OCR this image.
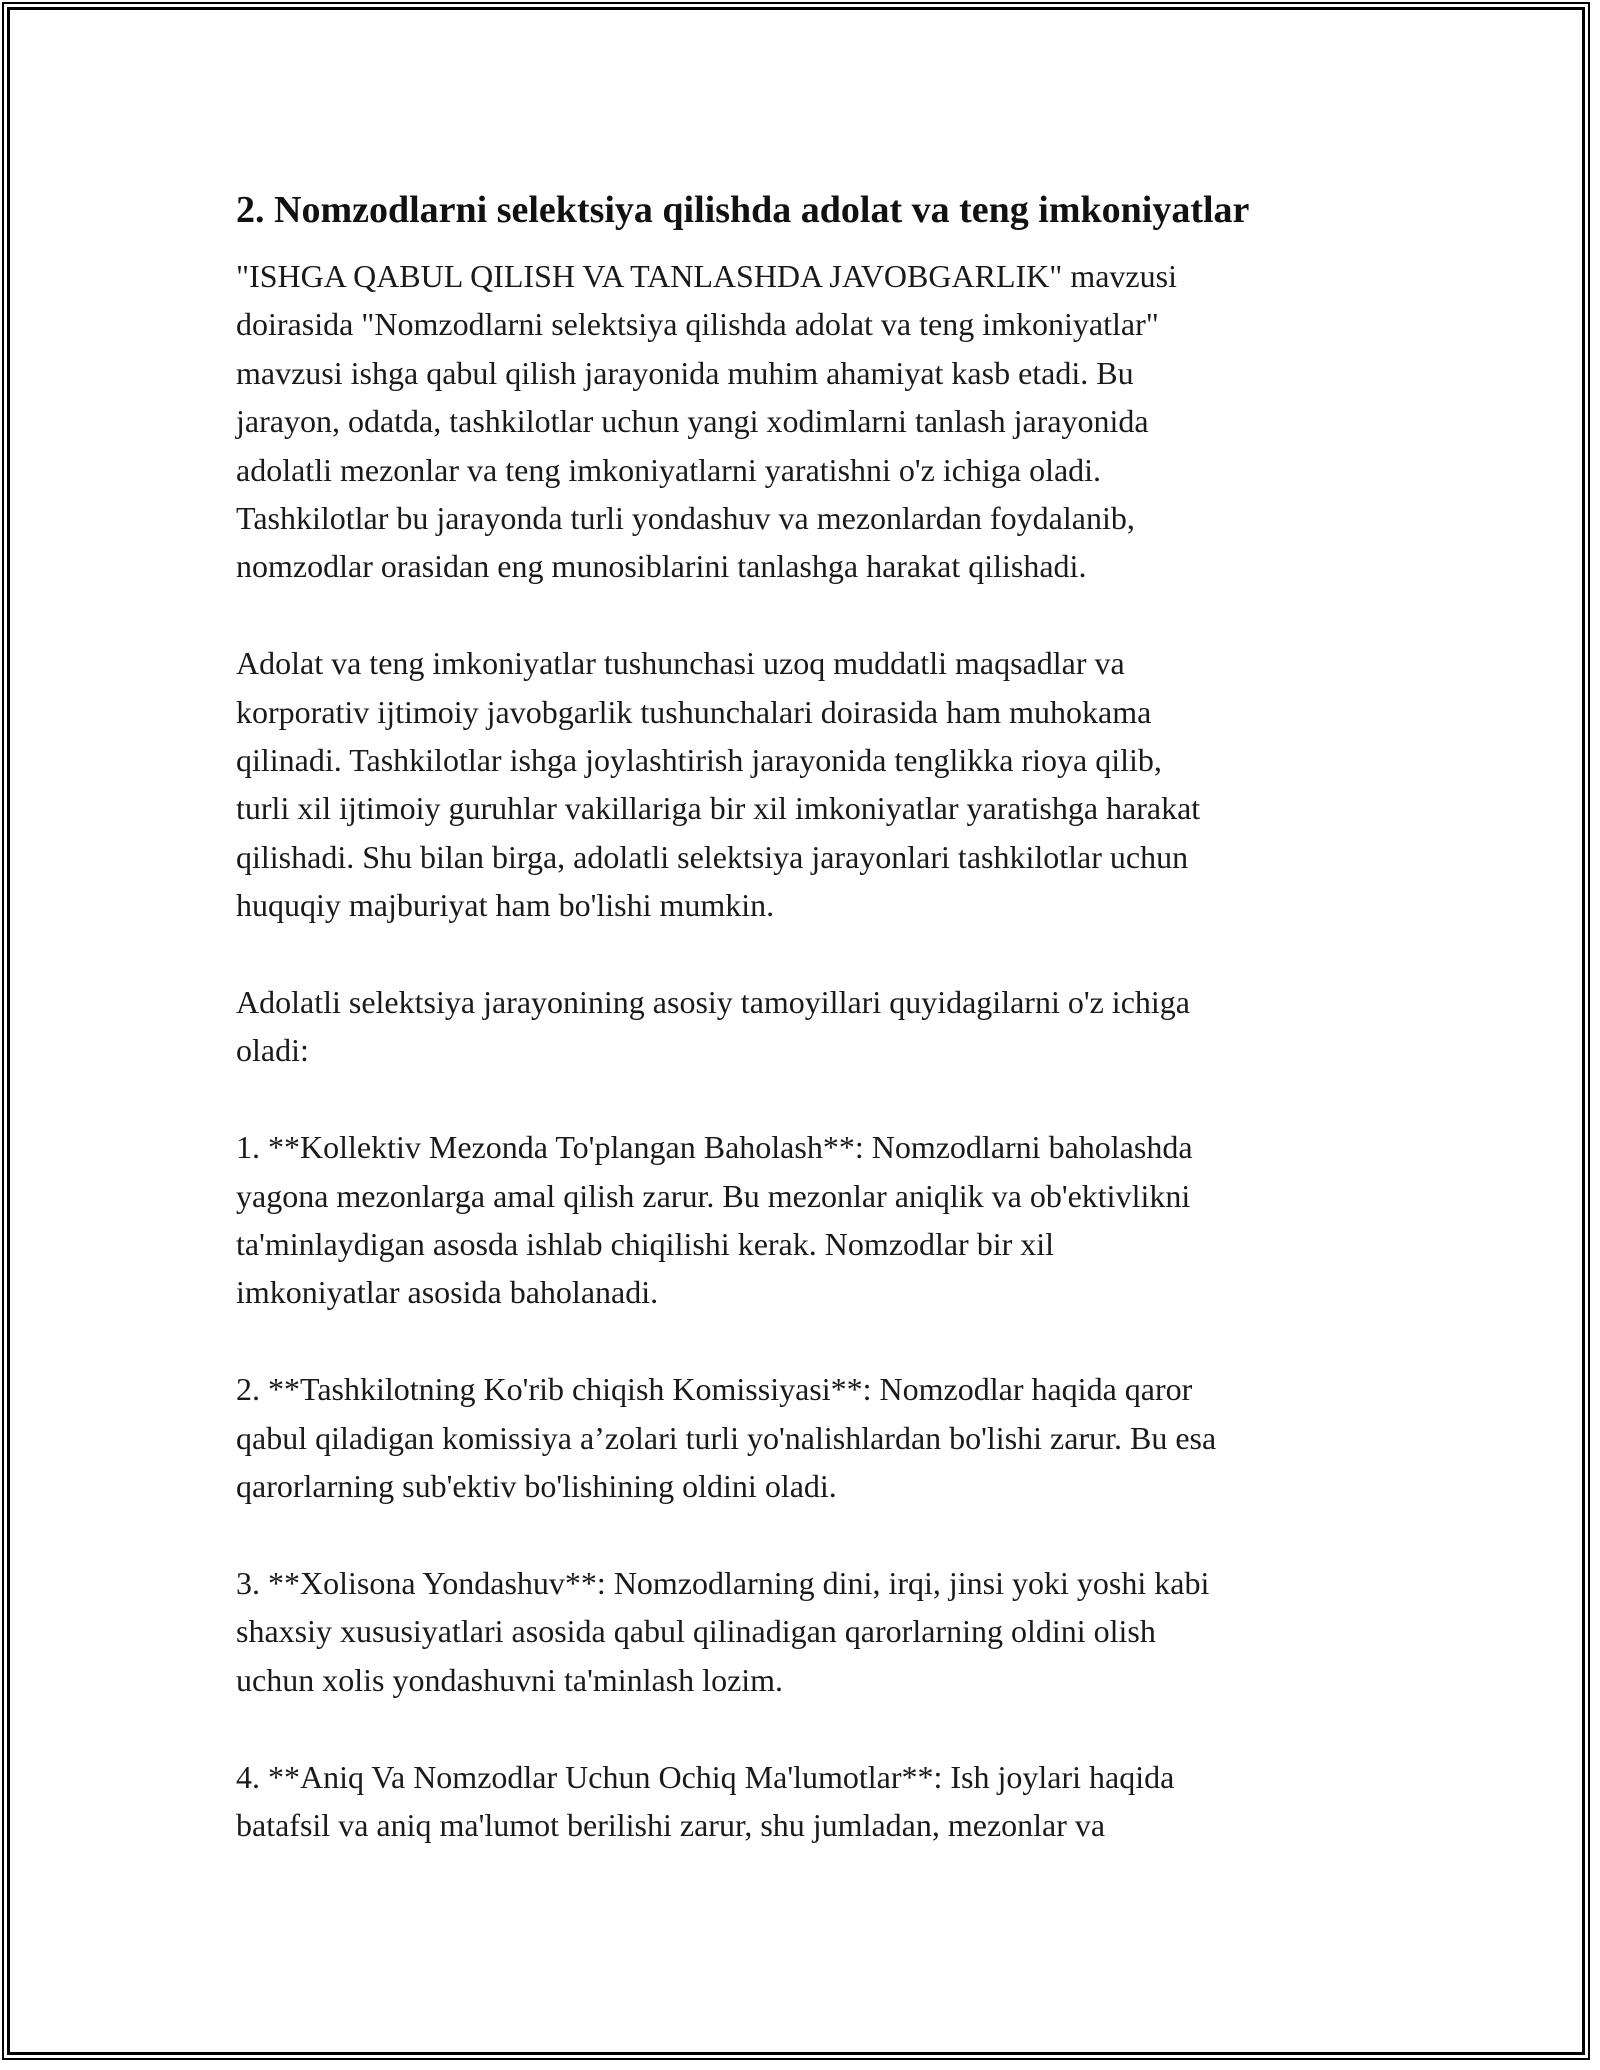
2. Nomzodlarni selektsiya qilishda adolat va teng imkoniyatlar

"ISHGA QABUL QILISH VA TANLASHDA JAVOBGARLIK" mavzusi
doirasida "Nomzodlarni selektsiya qilishda adolat va teng imkoniyatlar"
mavzusi ishga qabul qilish jarayonida muhim ahamiyat kasb etadi. Bu
jarayon, odatda, tashkilotlar uchun yangi xodimlarni tanlash jarayonida
adolatli mezonlar va teng imkoniyatlarni yaratishni o'z ichiga oladi.
Tashkilotlar bu jarayonda turli yondashuv va mezonlardan foydalanib,
nomzodlar orasidan eng munosiblarini tanlashga harakat qilishadi.

Adolat va teng imkoniyatlar tushunchasi uzoq muddatli maqsadlar va
korporativ ijtimoiy javobgarlik tushunchalari doirasida ham muhokama
qilinadi. Tashkilotlar ishga joylashtirish jarayonida tenglikka rioya qilib,
turli xil ijtimoiy guruhlar vakillariga bir xil imkoniyatlar yaratishga harakat
qilishadi. Shu bilan birga, adolatli selektsiya jarayonlari tashkilotlar uchun
huquqiy majburiyat ham bo'lishi mumkin.

Adolatli selektsiya jarayonining asosiy tamoyillari quyidagilarni o'z ichiga
oladi:

1. **Kollektiv Mezonda To'plangan Baholash**: Nomzodlarni baholashda
yagona mezonlarga amal qilish zarur. Bu mezonlar aniqlik va ob'ektivlikni
ta'minlaydigan asosda ishlab chiqilishi kerak. Nomzodlar bir xil
imkoniyatlar asosida baholanadi.

2. **Tashkilotning Ko'rib chiqish Komissiyasi**: Nomzodlar haqida qaror
qabul qiladigan komissiya a’zolari turli yo'nalishlardan bo'lishi zarur. Bu esa
qarorlarning sub'ektiv bo'lishining oldini oladi.

3. **Xolisona Yondashuv**: Nomzodlarning dini, irqi, jinsi yoki yoshi kabi
shaxsiy xususiyatlari asosida qabul qilinadigan qarorlarning oldini olish
uchun xolis yondashuvni ta'minlash lozim.

4. **Aniq Va Nomzodlar Uchun Ochiq Ma'lumotlar**: Ish joylari haqida
batafsil va aniq ma'lumot berilishi zarur, shu jumladan, mezonlar va
